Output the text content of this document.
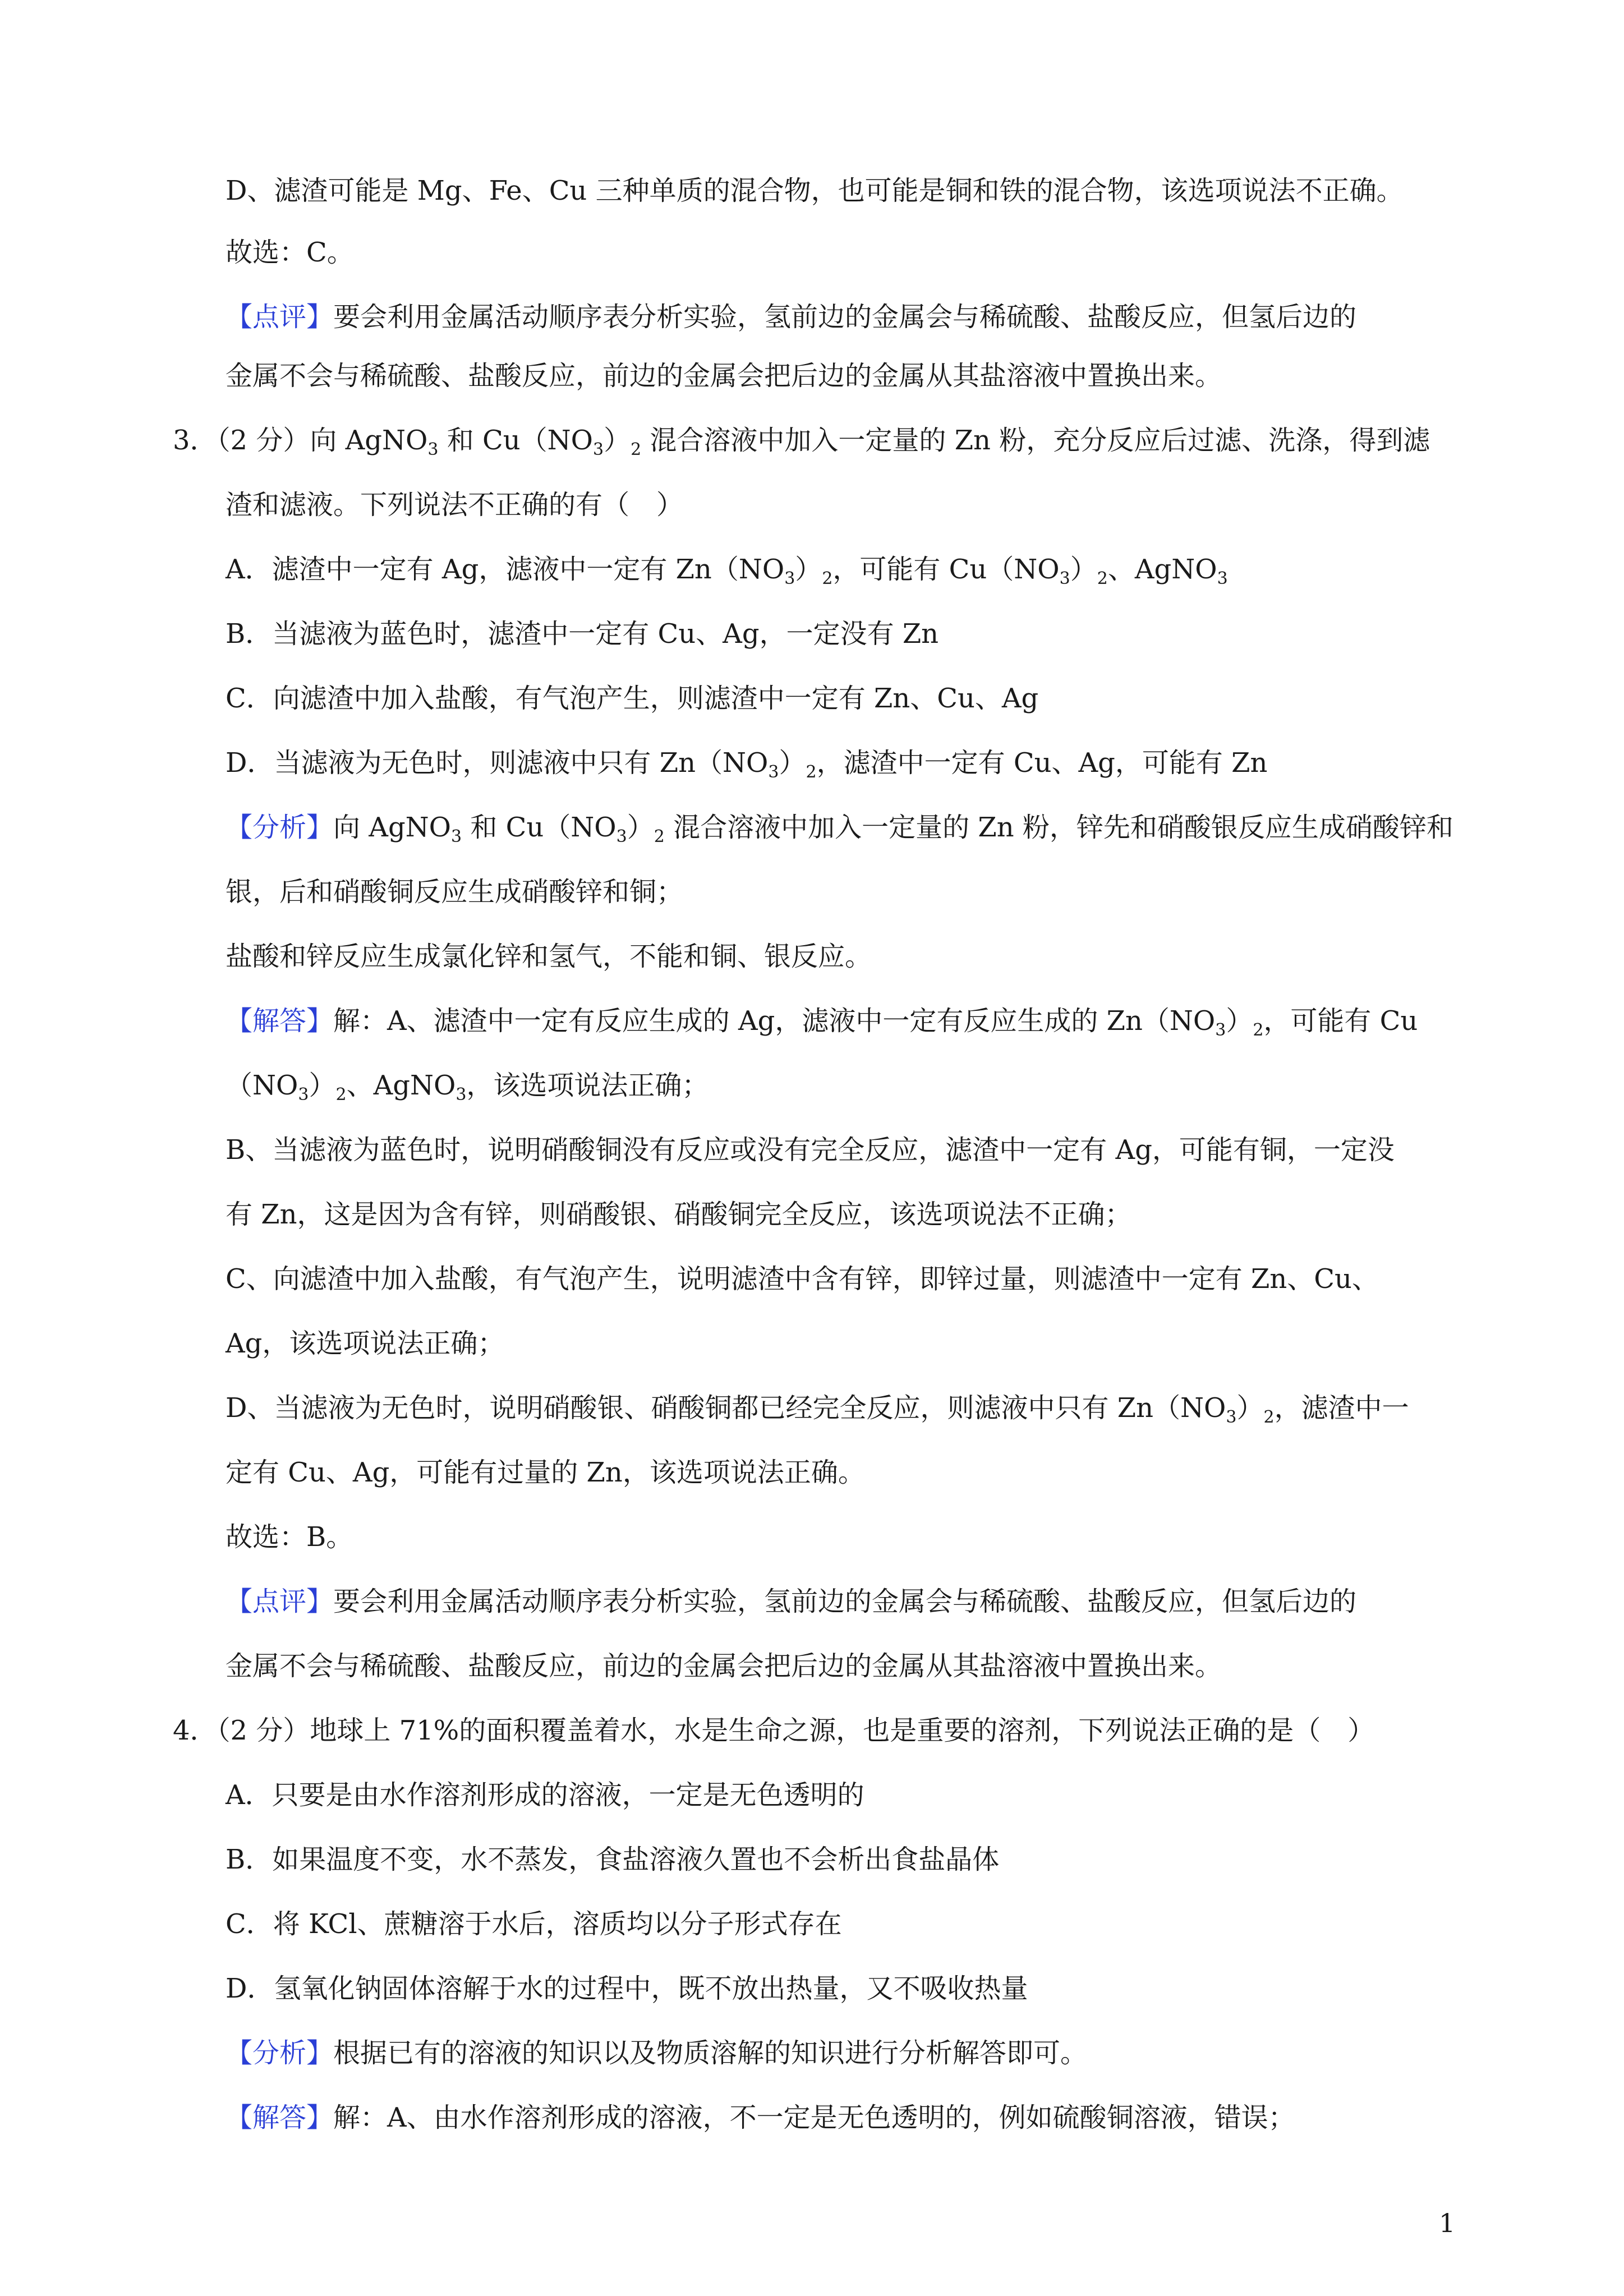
D、滤渣可能是 Mg、Fe、Cu 三种单质的混合物，也可能是铜和铁的混合物，该选项说法不正确。
故选：C。
【点评】要会利用金属活动顺序表分析实验，氢前边的金属会与稀硫酸、盐酸反应，但氢后边的
金属不会与稀硫酸、盐酸反应，前边的金属会把后边的金属从其盐溶液中置换出来。
3．（2 分）向 AgNO$_3$ 和 $Cu(NO_3)_2$ 混合溶液中加入一定量的 Zn 粉，充分反应后过滤、洗涤，得到滤
渣和滤液。下列说法不正确的有（　）
A．滤渣中一定有 Ag，滤液中一定有 $Zn(NO_3)_2$，可能有 $Cu(NO_3)_2$、AgNO$_3$
B．当滤液为蓝色时，滤渣中一定有 Cu、Ag，一定没有 Zn
C．向滤渣中加入盐酸，有气泡产生，则滤渣中一定有 Zn、Cu、Ag
D．当滤液为无色时，则滤液中只有 $Zn(NO_3)_2$，滤渣中一定有 Cu、Ag，可能有 Zn
【分析】向 AgNO$_3$ 和 $Cu(NO_3)_2$ 混合溶液中加入一定量的 Zn 粉，锌先和硝酸银反应生成硝酸锌和
银，后和硝酸铜反应生成硝酸锌和铜；
盐酸和锌反应生成氯化锌和氢气，不能和铜、银反应。
【解答】解：A、滤渣中一定有反应生成的 Ag，滤液中一定有反应生成的 $Zn(NO_3)_2$，可能有 Cu
$(NO_3)_2$、AgNO$_3$，该选项说法正确；
B、当滤液为蓝色时，说明硝酸铜没有反应或没有完全反应，滤渣中一定有 Ag，可能有铜，一定没
有 Zn，这是因为含有锌，则硝酸银、硝酸铜完全反应，该选项说法不正确；
C、向滤渣中加入盐酸，有气泡产生，说明滤渣中含有锌，即锌过量，则滤渣中一定有 Zn、Cu、
Ag，该选项说法正确；
D、当滤液为无色时，说明硝酸银、硝酸铜都已经完全反应，则滤液中只有 $Zn(NO_3)_2$，滤渣中一
定有 Cu、Ag，可能有过量的 Zn，该选项说法正确。
故选：B。
【点评】要会利用金属活动顺序表分析实验，氢前边的金属会与稀硫酸、盐酸反应，但氢后边的
金属不会与稀硫酸、盐酸反应，前边的金属会把后边的金属从其盐溶液中置换出来。
4．（2 分）地球上 71%的面积覆盖着水，水是生命之源，也是重要的溶剂，下列说法正确的是（　）
A．只要是由水作溶剂形成的溶液，一定是无色透明的
B．如果温度不变，水不蒸发，食盐溶液久置也不会析出食盐晶体
C．将 KCl、蔗糖溶于水后，溶质均以分子形式存在
D．氢氧化钠固体溶解于水的过程中，既不放出热量，又不吸收热量
【分析】根据已有的溶液的知识以及物质溶解的知识进行分析解答即可。
【解答】解：A、由水作溶剂形成的溶液，不一定是无色透明的，例如硫酸铜溶液，错误；
1
